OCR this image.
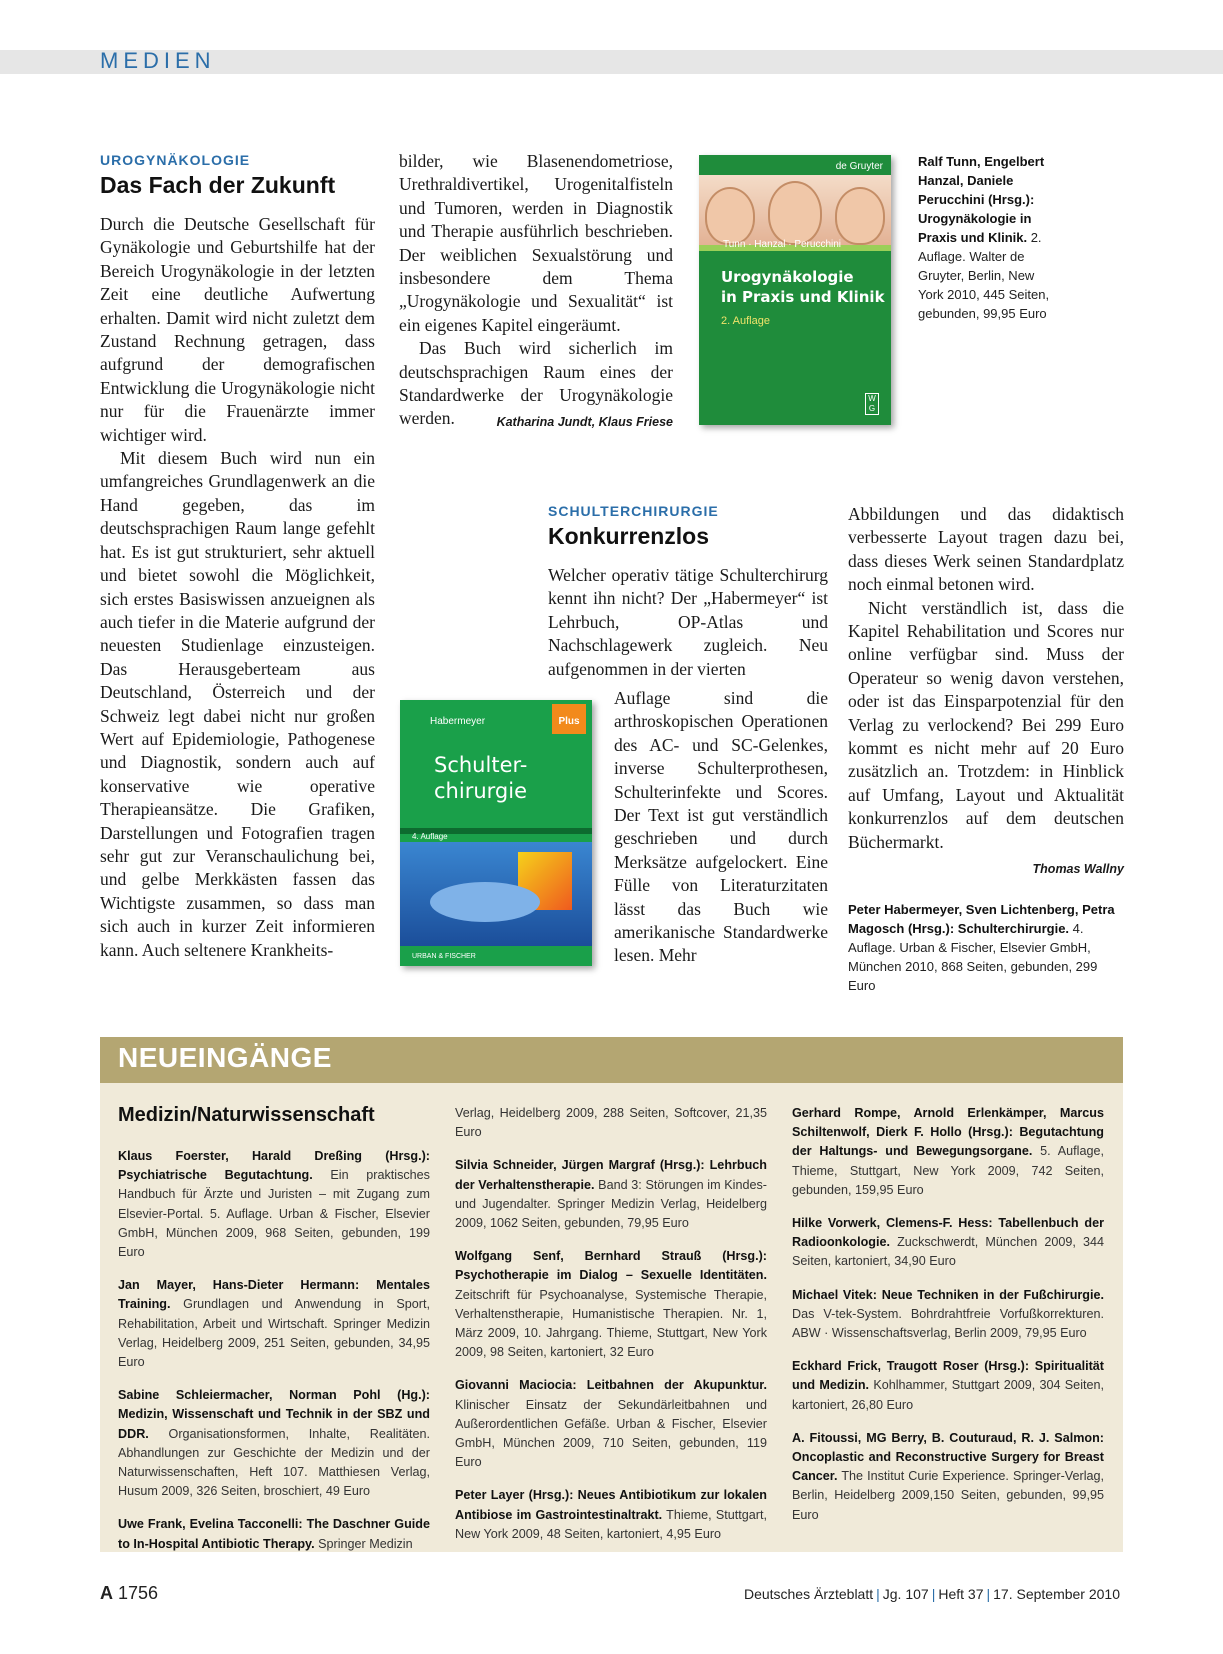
MEDIEN
UROGYNÄKOLOGIE
Das Fach der Zukunft

Durch die Deutsche Gesellschaft für Gynäkologie und Geburtshilfe hat der Bereich Urogynäkologie in der letzten Zeit eine deutliche Aufwertung erhalten. Damit wird nicht zuletzt dem Zustand Rechnung getragen, dass aufgrund der demografischen Entwicklung die Urogynäkologie nicht nur für die Frauenärzte immer wichtiger wird.

Mit diesem Buch wird nun ein umfangreiches Grundlagenwerk an die Hand gegeben, das im deutschsprachigen Raum lange gefehlt hat. Es ist gut strukturiert, sehr aktuell und bietet sowohl die Möglichkeit, sich erstes Basiswissen anzueignen als auch tiefer in die Materie aufgrund der neuesten Studienlage einzusteigen. Das Herausgeberteam aus Deutschland, Österreich und der Schweiz legt dabei nicht nur großen Wert auf Epidemiologie, Pathogenese und Diagnostik, sondern auch auf konservative wie operative Therapieansätze. Die Grafiken, Darstellungen und Fotografien tragen sehr gut zur Veranschaulichung bei, und gelbe Merkkästen fassen das Wichtigste zusammen, so dass man sich auch in kurzer Zeit informieren kann. Auch seltenere Krankheits-

bilder, wie Blasenendometriose, Urethraldivertikel, Urogenitalfisteln und Tumoren, werden in Diagnostik und Therapie ausführlich beschrieben. Der weiblichen Sexualstörung und insbesondere dem Thema „Urogynäkologie und Sexualität“ ist ein eigenes Kapitel eingeräumt.

Das Buch wird sicherlich im deutschsprachigen Raum eines der Standardwerke der Urogynäkologie werden.	Katharina Jundt, Klaus Friese

de Gruyter
Tunn · Hanzal · Perucchini
Urogynäkologie
in Praxis und Klinik
2. Auflage
W G
Ralf Tunn, Engelbert Hanzal, Daniele Perucchini (Hrsg.): Urogynäkologie in Praxis und Klinik. 2. Auflage. Walter de Gruyter, Berlin, New York 2010, 445 Seiten, gebunden, 99,95 Euro
SCHULTERCHIRURGIE
Konkurrenzlos
Welcher operativ tätige Schulterchirurg kennt ihn nicht? Der „Habermeyer“ ist Lehrbuch, OP-Atlas und Nachschlagewerk zugleich. Neu aufgenommen in der vierten
Auflage sind die arthroskopischen Operationen des AC- und SC-Gelenkes, inverse Schulterprothesen, Schulterinfekte und Scores. Der Text ist gut verständlich geschrieben und durch Merksätze aufgelockert. Eine Fülle von Literaturzitaten lässt das Buch wie amerikanische Standardwerke lesen. Mehr
Habermeyer	Plus
Schulter-
chirurgie
4. Auflage
URBAN & FISCHER

Abbildungen und das didaktisch verbesserte Layout tragen dazu bei, dass dieses Werk seinen Standardplatz noch einmal betonen wird.

Nicht verständlich ist, dass die Kapitel Rehabilitation und Scores nur online verfügbar sind. Muss der Operateur so wenig davon verstehen, oder ist das Einsparpotenzial für den Verlag zu verlockend? Bei 299 Euro kommt es nicht mehr auf 20 Euro zusätzlich an. Trotzdem: in Hinblick auf Umfang, Layout und Aktualität konkurrenzlos auf dem deutschen Büchermarkt.

Thomas Wallny
Peter Habermeyer, Sven Lichtenberg, Petra Magosch (Hrsg.): Schulterchirurgie. 4. Auflage. Urban & Fischer, Elsevier GmbH, München 2010, 868 Seiten, gebunden, 299 Euro
NEUEINGÄNGE
Medizin/Naturwissenschaft

Klaus Foerster, Harald Dreßing (Hrsg.): Psychiatrische Begutachtung. Ein praktisches Handbuch für Ärzte und Juristen – mit Zugang zum Elsevier-Portal. 5. Auflage. Urban & Fischer, Elsevier GmbH, München 2009, 968 Seiten, gebunden, 199 Euro

Jan Mayer, Hans-Dieter Hermann: Mentales Training. Grundlagen und Anwendung in Sport, Rehabilitation, Arbeit und Wirtschaft. Springer Medizin Verlag, Heidelberg 2009, 251 Seiten, gebunden, 34,95 Euro

Sabine Schleiermacher, Norman Pohl (Hg.): Medizin, Wissenschaft und Technik in der SBZ und DDR. Organisationsformen, Inhalte, Realitäten. Abhandlungen zur Geschichte der Medizin und der Naturwissenschaften, Heft 107. Matthiesen Verlag, Husum 2009, 326 Seiten, broschiert, 49 Euro

Uwe Frank, Evelina Tacconelli: The Daschner Guide to In-Hospital Antibiotic Therapy. Springer Medizin

Verlag, Heidelberg 2009, 288 Seiten, Softcover, 21,35 Euro

Silvia Schneider, Jürgen Margraf (Hrsg.): Lehrbuch der Verhaltenstherapie. Band 3: Störungen im Kindes- und Jugendalter. Springer Medizin Verlag, Heidelberg 2009, 1062 Seiten, gebunden, 79,95 Euro

Wolfgang Senf, Bernhard Strauß (Hrsg.): Psychotherapie im Dialog – Sexuelle Identitäten. Zeitschrift für Psychoanalyse, Systemische Therapie, Verhaltenstherapie, Humanistische Therapien. Nr. 1, März 2009, 10. Jahrgang. Thieme, Stuttgart, New York 2009, 98 Seiten, kartoniert, 32 Euro

Giovanni Maciocia: Leitbahnen der Akupunktur. Klinischer Einsatz der Sekundärleitbahnen und Außerordentlichen Gefäße. Urban & Fischer, Elsevier GmbH, München 2009, 710 Seiten, gebunden, 119 Euro

Peter Layer (Hrsg.): Neues Antibiotikum zur lokalen Antibiose im Gastrointestinaltrakt. Thieme, Stuttgart, New York 2009, 48 Seiten, kartoniert, 4,95 Euro

Gerhard Rompe, Arnold Erlenkämper, Marcus Schiltenwolf, Dierk F. Hollo (Hrsg.): Begutachtung der Haltungs- und Bewegungsorgane. 5. Auflage, Thieme, Stuttgart, New York 2009, 742 Seiten, gebunden, 159,95 Euro

Hilke Vorwerk, Clemens-F. Hess: Tabellenbuch der Radioonkologie. Zuckschwerdt, München 2009, 344 Seiten, kartoniert, 34,90 Euro

Michael Vitek: Neue Techniken in der Fußchirurgie. Das V-tek-System. Bohrdrahtfreie Vorfußkorrekturen. ABW · Wissenschaftsverlag, Berlin 2009, 79,95 Euro

Eckhard Frick, Traugott Roser (Hrsg.): Spiritualität und Medizin. Kohlhammer, Stuttgart 2009, 304 Seiten, kartoniert, 26,80 Euro

A. Fitoussi, MG Berry, B. Couturaud, R. J. Salmon: Oncoplastic and Reconstructive Surgery for Breast Cancer. The Institut Curie Experience. Springer-Verlag, Berlin, Heidelberg 2009,150 Seiten, gebunden, 99,95 Euro

A 1756	Deutsches Ärzteblatt | Jg. 107 | Heft 37 | 17. September 2010
